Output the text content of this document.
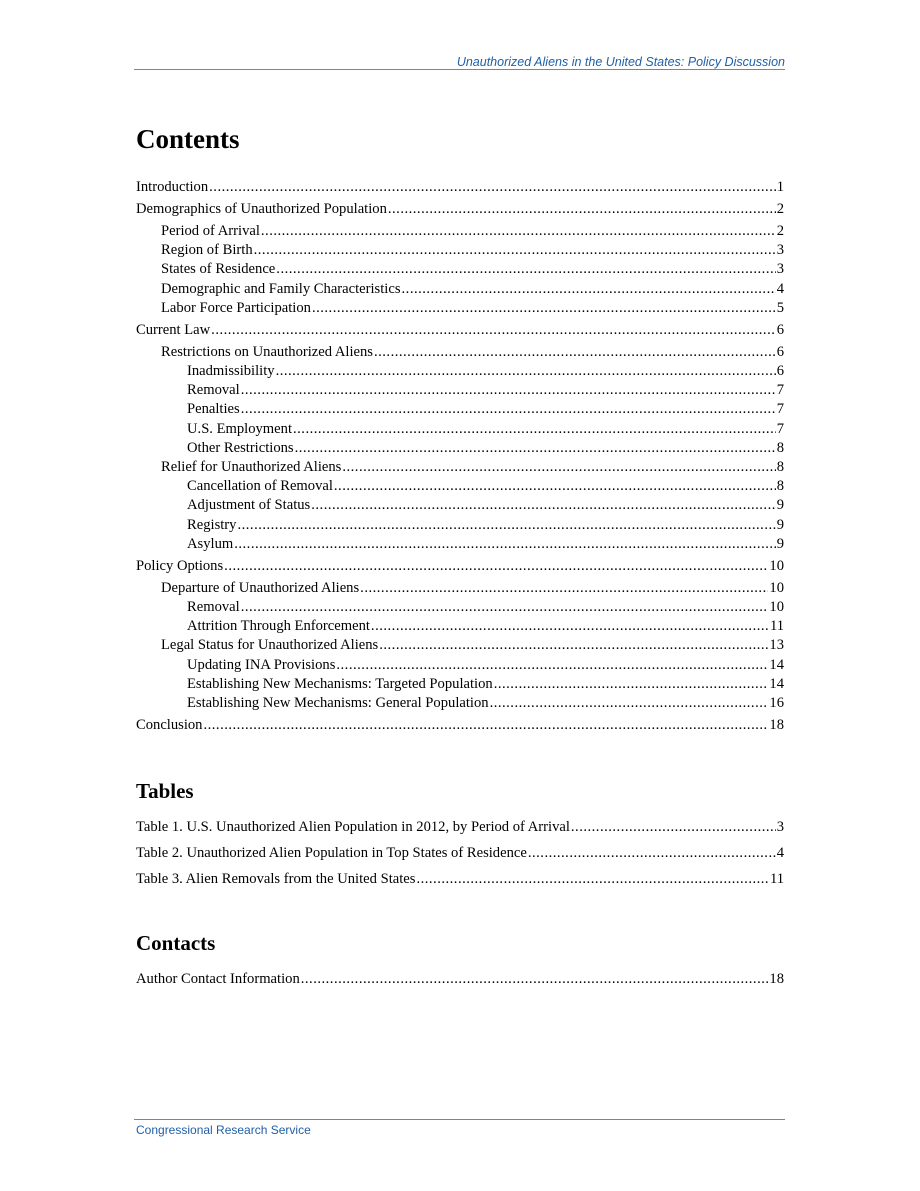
Unauthorized Aliens in the United States: Policy Discussion
Contents
Introduction .....	1
Demographics of Unauthorized Population .....	2
Period of Arrival .....	2
Region of Birth .....	3
States of Residence .....	3
Demographic and Family Characteristics .....	4
Labor Force Participation .....	5
Current Law .....	6
Restrictions on Unauthorized Aliens .....	6
Inadmissibility .....	6
Removal .....	7
Penalties .....	7
U.S. Employment .....	7
Other Restrictions .....	8
Relief for Unauthorized Aliens .....	8
Cancellation of Removal .....	8
Adjustment of Status .....	9
Registry .....	9
Asylum .....	9
Policy Options .....	10
Departure of Unauthorized Aliens .....	10
Removal .....	10
Attrition Through Enforcement .....	11
Legal Status for Unauthorized Aliens .....	13
Updating INA Provisions .....	14
Establishing New Mechanisms: Targeted Population .....	14
Establishing New Mechanisms: General Population .....	16
Conclusion .....	18
Tables
Table 1. U.S. Unauthorized Alien Population in 2012, by Period of Arrival .....	3
Table 2. Unauthorized Alien Population in Top States of Residence .....	4
Table 3. Alien Removals from the United States .....	11
Contacts
Author Contact Information .....	18
Congressional Research Service
